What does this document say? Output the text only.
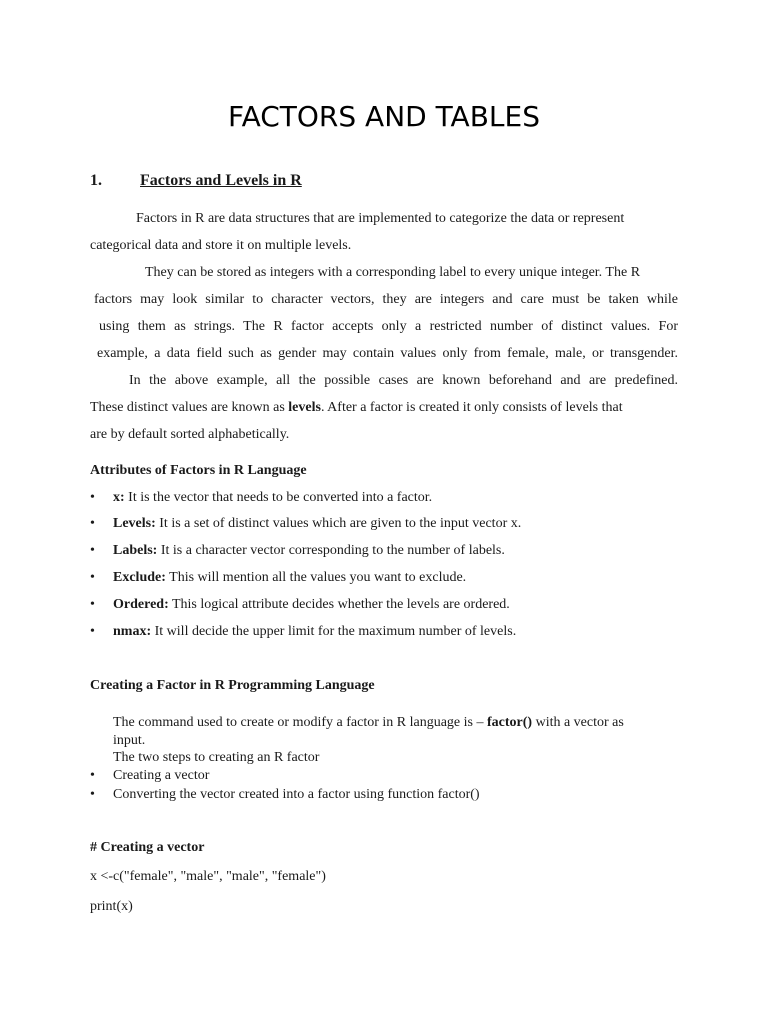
FACTORS AND TABLES
1. Factors and Levels in R
Factors in R are data structures that are implemented to categorize the data or represent
categorical data and store it on multiple levels.
They can be stored as integers with a corresponding label to every unique integer. The R
factors may look similar to character vectors, they are integers and care must be taken while
using them as strings. The R factor accepts only a restricted number of distinct values. For
example, a data field such as gender may contain values only from female, male, or transgender.
In the above example, all the possible cases are known beforehand and are predefined.
These distinct values are known as levels. After a factor is created it only consists of levels that
are by default sorted alphabetically.
Attributes of Factors in R Language
• x: It is the vector that needs to be converted into a factor.
• Levels: It is a set of distinct values which are given to the input vector x.
• Labels: It is a character vector corresponding to the number of labels.
• Exclude: This will mention all the values you want to exclude.
• Ordered: This logical attribute decides whether the levels are ordered.
• nmax: It will decide the upper limit for the maximum number of levels.
Creating a Factor in R Programming Language
The command used to create or modify a factor in R language is – factor() with a vector as
input.
The two steps to creating an R factor
• Creating a vector
• Converting the vector created into a factor using function factor()
# Creating a vector
x <-c("female", "male", "male", "female")
print(x)
